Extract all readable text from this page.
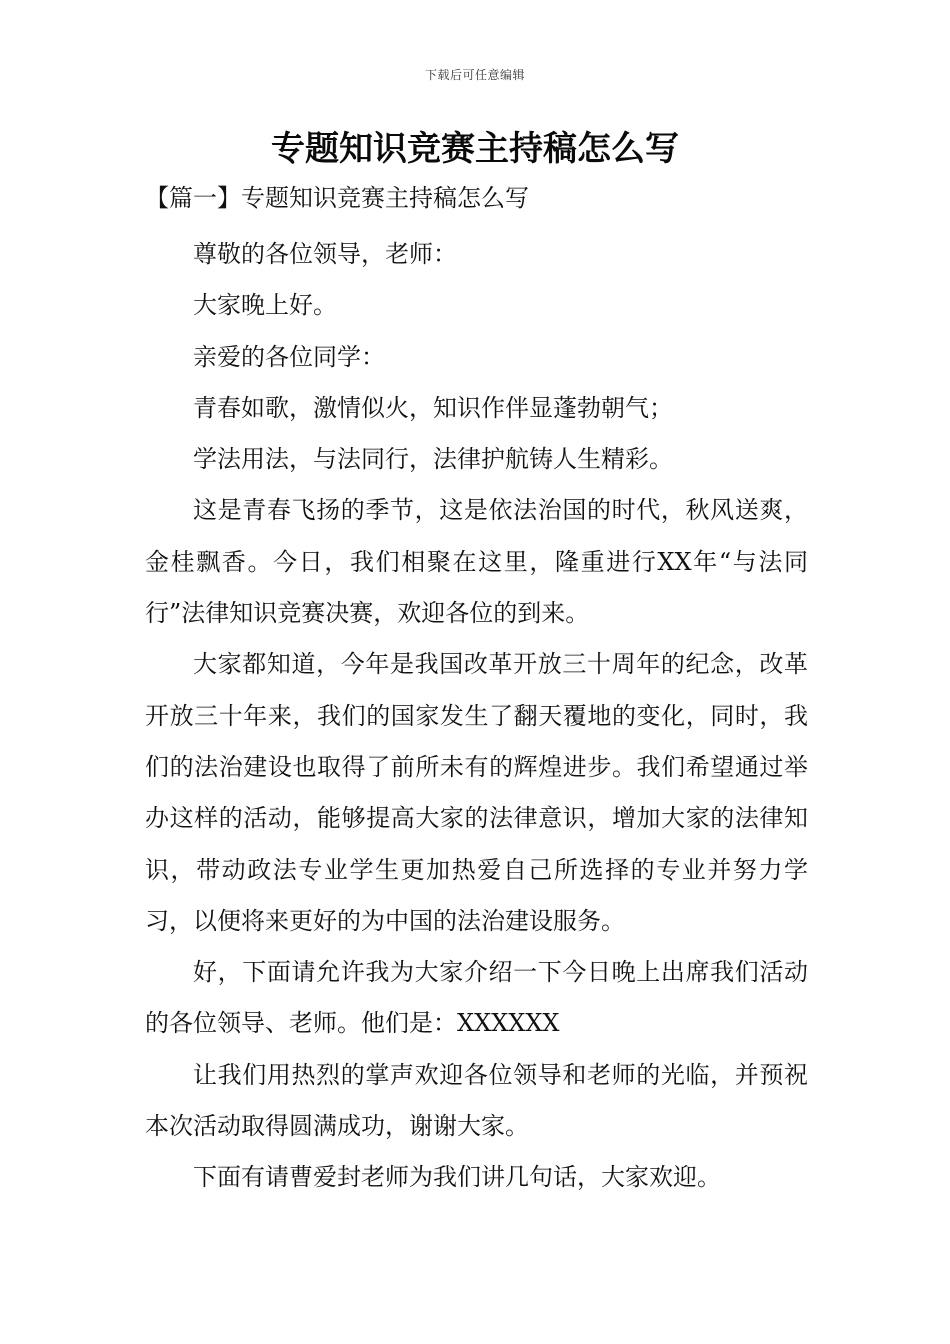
下载后可任意编辑
专题知识竞赛主持稿怎么写
【篇一】专题知识竞赛主持稿怎么写

尊敬的各位领导，老师：

大家晚上好。

亲爱的各位同学：

青春如歌，激情似火，知识作伴显蓬勃朝气；

学法用法，与法同行，法律护航铸人生精彩。

这是青春飞扬的季节，这是依法治国的时代，秋风送爽，金桂飘香。今日，我们相聚在这里，隆重进行XX年“与法同行”法律知识竞赛决赛，欢迎各位的到来。

大家都知道，今年是我国改革开放三十周年的纪念，改革开放三十年来，我们的国家发生了翻天覆地的变化，同时，我们的法治建设也取得了前所未有的辉煌进步。我们希望通过举办这样的活动，能够提高大家的法律意识，增加大家的法律知识，带动政法专业学生更加热爱自己所选择的专业并努力学习，以便将来更好的为中国的法治建设服务。

好，下面请允许我为大家介绍一下今日晚上出席我们活动的各位领导、老师。他们是：XXXXXX

让我们用热烈的掌声欢迎各位领导和老师的光临，并预祝本次活动取得圆满成功，谢谢大家。

下面有请曹爱封老师为我们讲几句话，大家欢迎。
